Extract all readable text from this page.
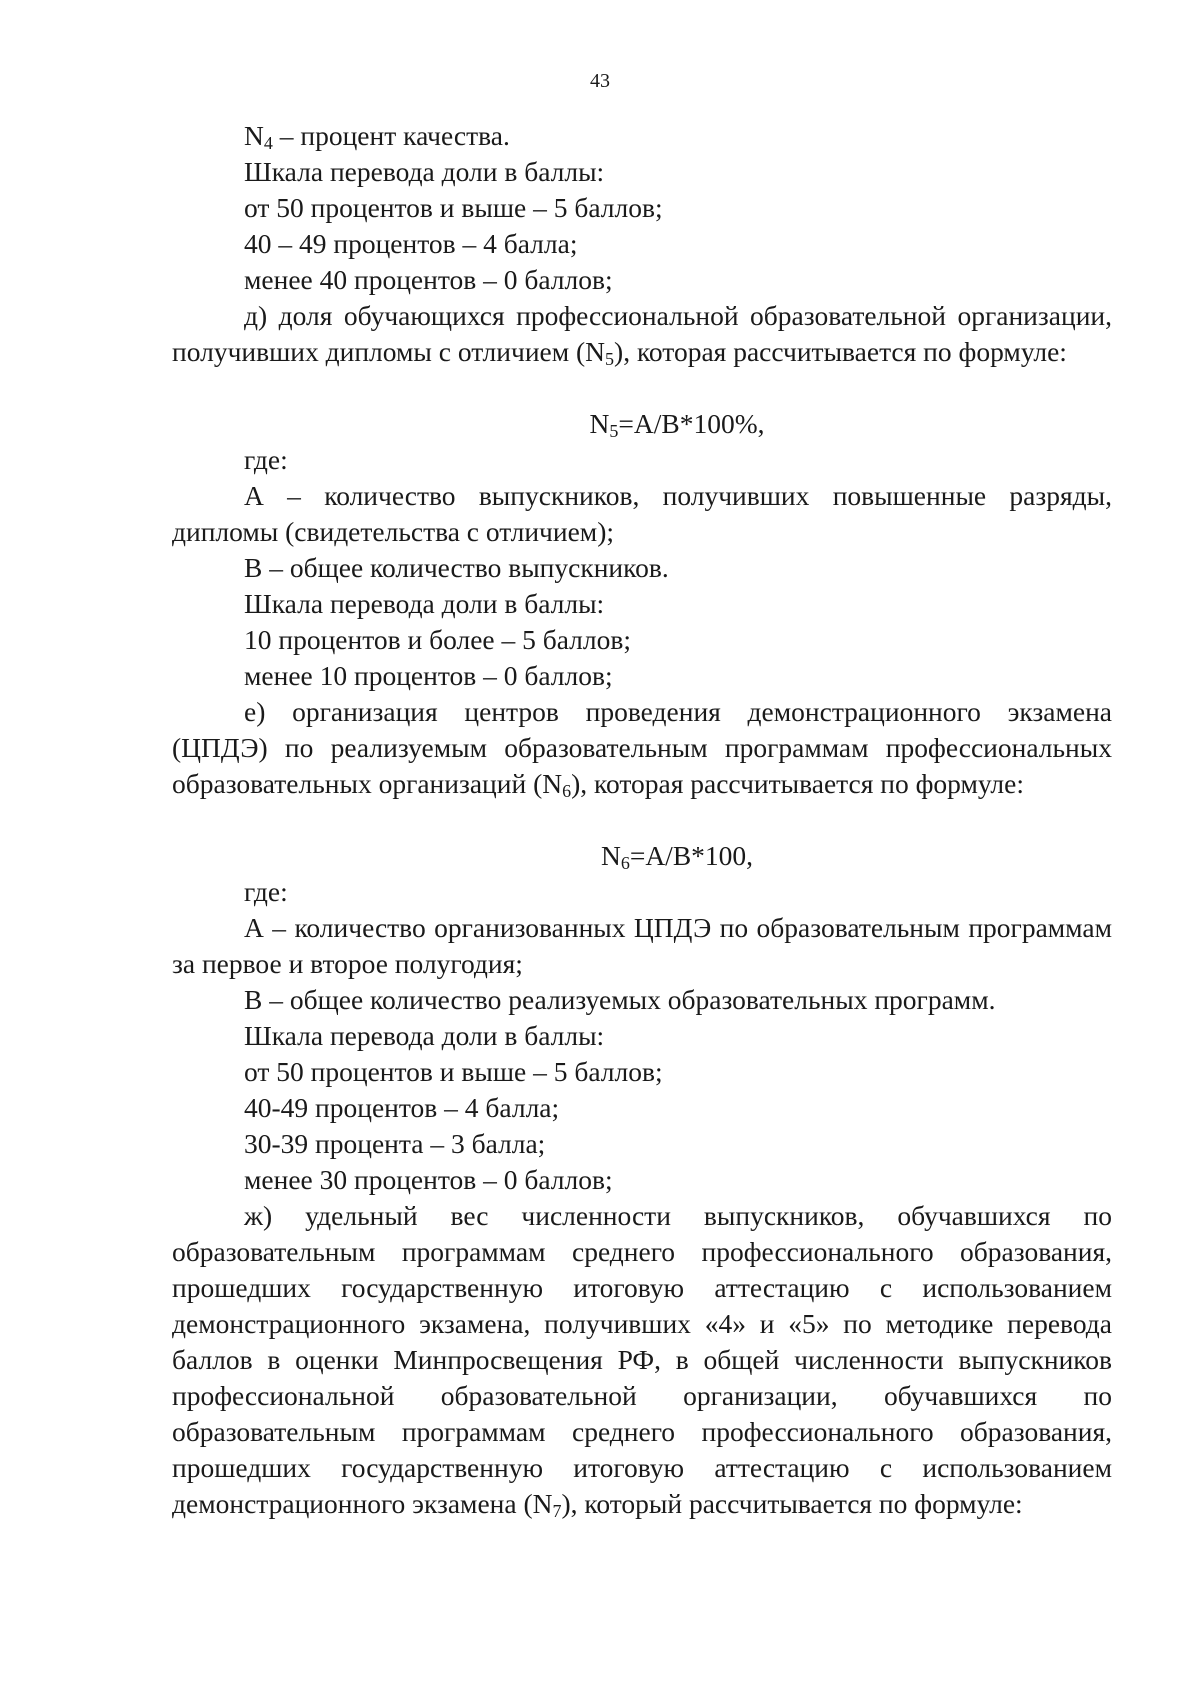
43

$N_4$ – процент качества.

Шкала перевода доли в баллы:

от 50 процентов и выше – 5 баллов;

40 – 49 процентов – 4 балла;

менее 40 процентов – 0 баллов;

д) доля обучающихся профессиональной образовательной организации,
получивших дипломы с отличием $(N_5)$, которая рассчитывается по формуле:

$N_5=A/B*100\%$,

где:

А – количество выпускников, получивших повышенные разряды,
дипломы (свидетельства с отличием);

В – общее количество выпускников.

Шкала перевода доли в баллы:

10 процентов и более – 5 баллов;

менее 10 процентов – 0 баллов;

е) организация центров проведения демонстрационного экзамена
(ЦПДЭ) по реализуемым образовательным программам профессиональных
образовательных организаций $(N_6)$, которая рассчитывается по формуле:

$N_6=A/B*100$,

где:

А – количество организованных ЦПДЭ по образовательным программам
за первое и второе полугодия;

В – общее количество реализуемых образовательных программ.

Шкала перевода доли в баллы:

от 50 процентов и выше – 5 баллов;

40-49 процентов – 4 балла;

30-39 процента – 3 балла;

менее 30 процентов – 0 баллов;

ж) удельный вес численности выпускников, обучавшихся по
образовательным программам среднего профессионального образования,
прошедших государственную итоговую аттестацию с использованием
демонстрационного экзамена, получивших «4» и «5» по методике перевода
баллов в оценки Минпросвещения РФ, в общей численности выпускников
профессиональной образовательной организации, обучавшихся по
образовательным программам среднего профессионального образования,
прошедших государственную итоговую аттестацию с использованием
демонстрационного экзамена $(N_7)$, который рассчитывается по формуле:
